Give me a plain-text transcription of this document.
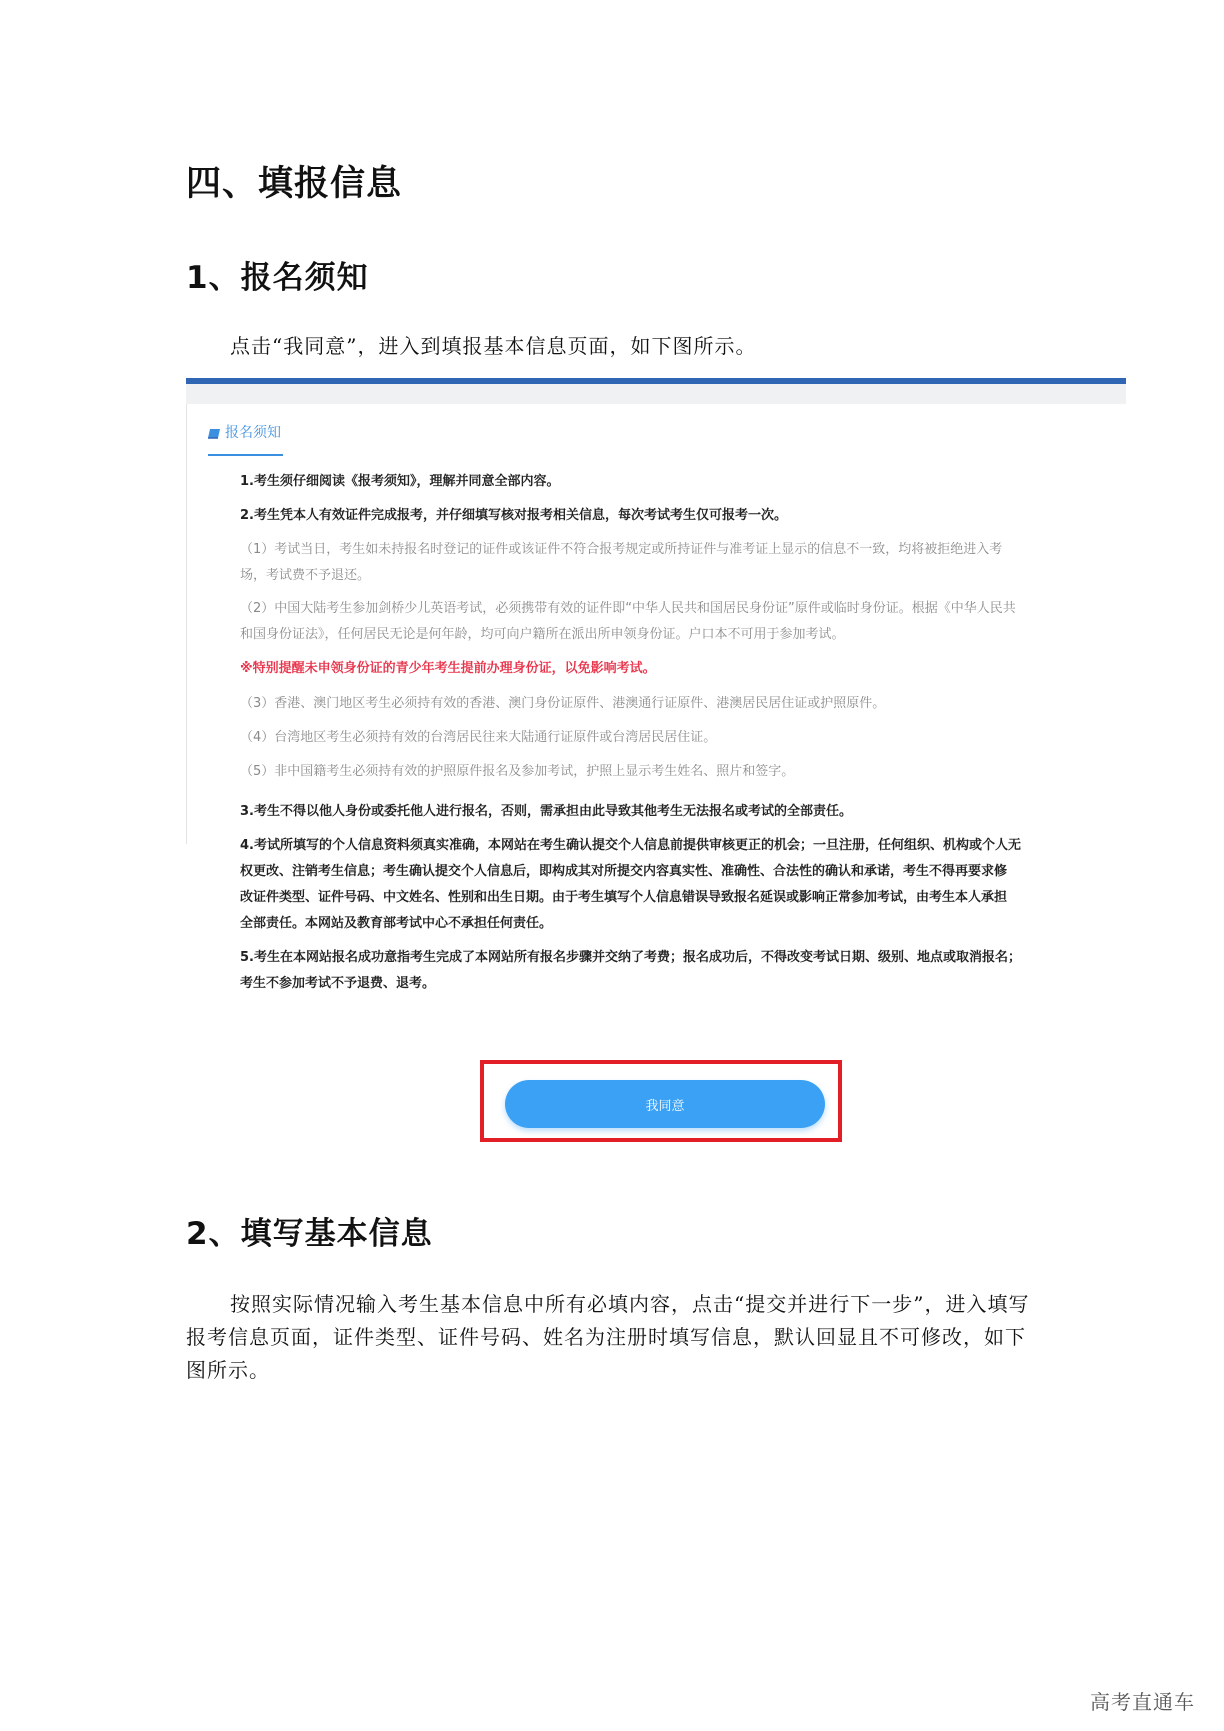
四、填报信息
1、报名须知

点击“我同意”，进入到填报基本信息页面，如下图所示。

报名须知
1.考生须仔细阅读《报考须知》，理解并同意全部内容。
2.考生凭本人有效证件完成报考，并仔细填写核对报考相关信息，每次考试考生仅可报考一次。
（1）考试当日，考生如未持报名时登记的证件或该证件不符合报考规定或所持证件与准考证上显示的信息不一致，均将被拒绝进入考
场，考试费不予退还。
（2）中国大陆考生参加剑桥少儿英语考试，必须携带有效的证件即“中华人民共和国居民身份证”原件或临时身份证。根据《中华人民共
和国身份证法》，任何居民无论是何年龄，均可向户籍所在派出所申领身份证。户口本不可用于参加考试。
※特别提醒未申领身份证的青少年考生提前办理身份证，以免影响考试。
（3）香港、澳门地区考生必须持有效的香港、澳门身份证原件、港澳通行证原件、港澳居民居住证或护照原件。
（4）台湾地区考生必须持有效的台湾居民往来大陆通行证原件或台湾居民居住证。
（5）非中国籍考生必须持有效的护照原件报名及参加考试，护照上显示考生姓名、照片和签字。
3.考生不得以他人身份或委托他人进行报名，否则，需承担由此导致其他考生无法报名或考试的全部责任。
4.考试所填写的个人信息资料须真实准确，本网站在考生确认提交个人信息前提供审核更正的机会；一旦注册，任何组织、机构或个人无
权更改、注销考生信息；考生确认提交个人信息后，即构成其对所提交内容真实性、准确性、合法性的确认和承诺，考生不得再要求修
改证件类型、证件号码、中文姓名、性别和出生日期。由于考生填写个人信息错误导致报名延误或影响正常参加考试，由考生本人承担
全部责任。本网站及教育部考试中心不承担任何责任。
5.考生在本网站报名成功意指考生完成了本网站所有报名步骤并交纳了考费；报名成功后，不得改变考试日期、级别、地点或取消报名；
考生不参加考试不予退费、退考。
我同意
2、填写基本信息

按照实际情况输入考生基本信息中所有必填内容，点击“提交并进行下一步”，进入填写报考信息页面，证件类型、证件号码、姓名为注册时填写信息，默认回显且不可修改，如下图所示。

高考直通车
